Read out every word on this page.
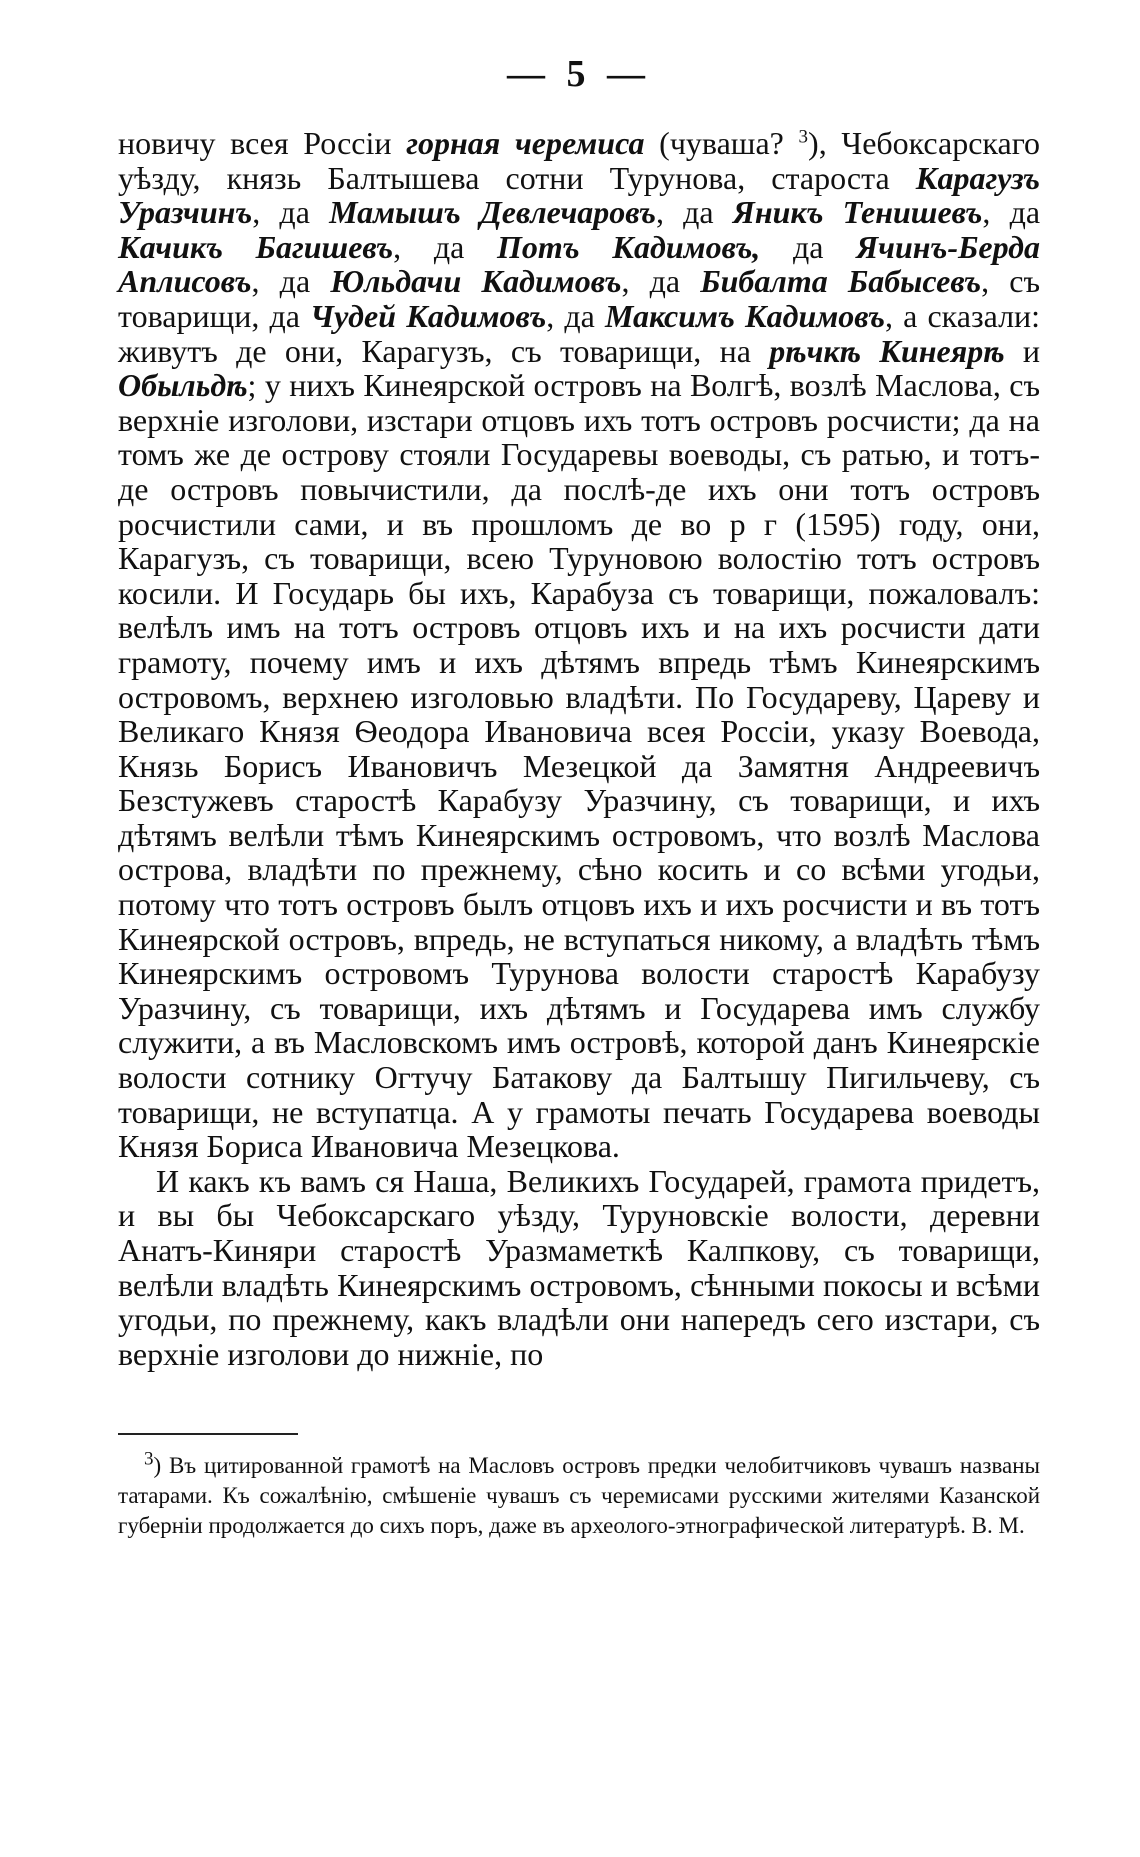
— 5 —

новичу всея Россіи горная черемиса (чуваша? $^3$), Чебоксарскаго уѣзду, князь Балтышева сотни Турунова, староста Карагузъ Уразчинъ, да Мамышъ Девлечаровъ, да Яникъ Тенишевъ, да Качикъ Багишевъ, да Потъ Кадимовъ, да Ячинъ-Берда Аплисовъ, да Юльдачи Кадимовъ, да Бибалта Бабысевъ, съ товарищи, да Чудей Кадимовъ, да Максимъ Кадимовъ, а сказали: живутъ де они, Карагузъ, съ товарищи, на рѣчкѣ Кинеярѣ и Обыльдѣ; у нихъ Кинеярской островъ на Волгѣ, возлѣ Маслова, съ верхніе изголови, изстари отцовъ ихъ тотъ островъ росчисти; да на томъ же де острову стояли Государевы воеводы, съ ратью, и тотъ-де островъ повычистили, да послѣ-де ихъ они тотъ островъ росчистили сами, и въ прошломъ де во р г (1595) году, они, Карагузъ, съ товарищи, всею Туруновою волостію тотъ островъ косили. И Государь бы ихъ, Карабуза съ товарищи, пожаловалъ: велѣлъ имъ на тотъ островъ отцовъ ихъ и на ихъ росчисти дати грамоту, почему имъ и ихъ дѣтямъ впредь тѣмъ Кинеярскимъ островомъ, верхнею изголовью владѣти. По Государеву, Цареву и Великаго Князя Ѳеодора Ивановича всея Россіи, указу Воевода, Князь Борисъ Ивановичъ Мезецкой да Замятня Андреевичъ Безстужевъ старостѣ Карабузу Уразчину, съ товарищи, и ихъ дѣтямъ велѣли тѣмъ Кинеярскимъ островомъ, что возлѣ Маслова острова, владѣти по прежнему, сѣно косить и со всѣми угодьи, потому что тотъ островъ былъ отцовъ ихъ и ихъ росчисти и въ тотъ Кинеярской островъ, впредь, не вступаться никому, а владѣть тѣмъ Кинеярскимъ островомъ Турунова волости старостѣ Карабузу Уразчину, съ товарищи, ихъ дѣтямъ и Государева имъ службу служити, а въ Масловскомъ имъ островѣ, которой данъ Кинеярскіе волости сотнику Огтучу Батакову да Балтышу Пигильчеву, съ товарищи, не вступатца. А у грамоты печать Государева воеводы Князя Бориса Ивановича Мезецкова.

И какъ къ вамъ ся Наша, Великихъ Государей, грамота придетъ, и вы бы Чебоксарскаго уѣзду, Туруновскіе волости, деревни Анатъ-Киняри старостѣ Уразмаметкѣ Калпкову, съ товарищи, велѣли владѣть Кинеярскимъ островомъ, сѣнными покосы и всѣми угодьи, по прежнему, какъ владѣли они напередъ сего изстари, съ верхніе изголови до нижніе, по

$^3$) Въ цитированной грамотѣ на Масловъ островъ предки челобитчиковъ чувашъ названы татарами. Къ сожалѣнію, смѣшеніе чувашъ съ черемисами русскими жителями Казанской губерніи продолжается до сихъ поръ, даже въ археолого-этнографической литературѣ. В. М.
